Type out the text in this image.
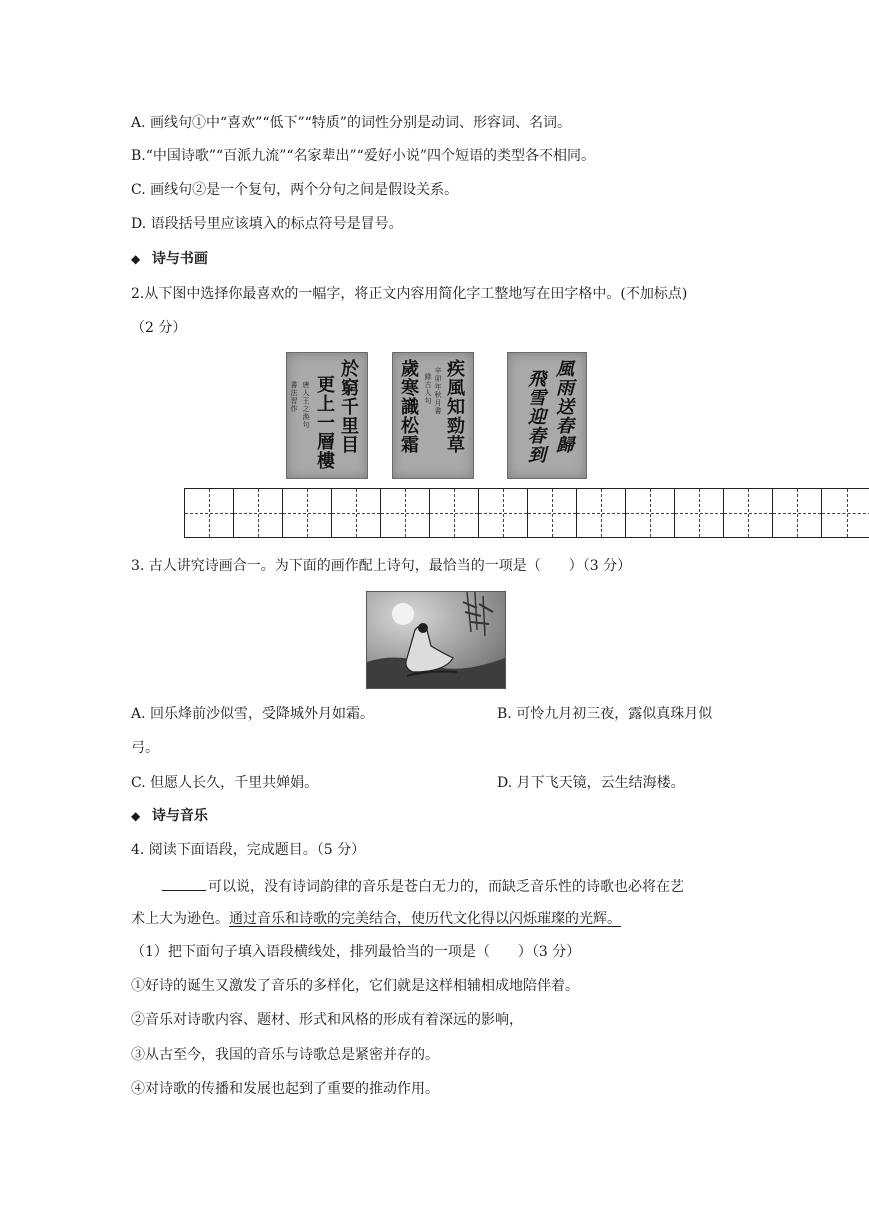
A. 画线句①中“喜欢”“低下”“特质”的词性分别是动词、形容词、名词。
B.“中国诗歌”“百派九流”“名家辈出”“爱好小说”四个短语的类型各不相同。
C. 画线句②是一个复句，两个分句之间是假设关系。
D. 语段括号里应该填入的标点符号是冒号。
◆ 诗与书画
2.从下图中选择你最喜欢的一幅字，将正文内容用简化字工整地写在田字格中。(不加标点)
（2 分）
於窮千里目
更上一層樓
唐人王之涣句
書法習作	疾風知勁草
辛卯年秋月書
錄古人句
歲寒識松霜	風雨送春歸
飛雪迎春到
3. 古人讲究诗画合一。为下面的画作配上诗句，最恰当的一项是（　　）（3 分）
A. 回乐烽前沙似雪，受降城外月如霜。	B. 可怜九月初三夜，露似真珠月似
弓。
C. 但愿人长久，千里共婵娟。	D. 月下飞天镜，云生结海楼。
◆ 诗与音乐
4. 阅读下面语段，完成题目。（5 分）
可以说，没有诗词韵律的音乐是苍白无力的，而缺乏音乐性的诗歌也必将在艺
术上大为逊色。通过音乐和诗歌的完美结合，使历代文化得以闪烁璀璨的光辉。
（1）把下面句子填入语段横线处，排列最恰当的一项是（　　）（3 分）
①好诗的诞生又激发了音乐的多样化，它们就是这样相辅相成地陪伴着。
②音乐对诗歌内容、题材、形式和风格的形成有着深远的影响，
③从古至今，我国的音乐与诗歌总是紧密并存的。
④对诗歌的传播和发展也起到了重要的推动作用。
